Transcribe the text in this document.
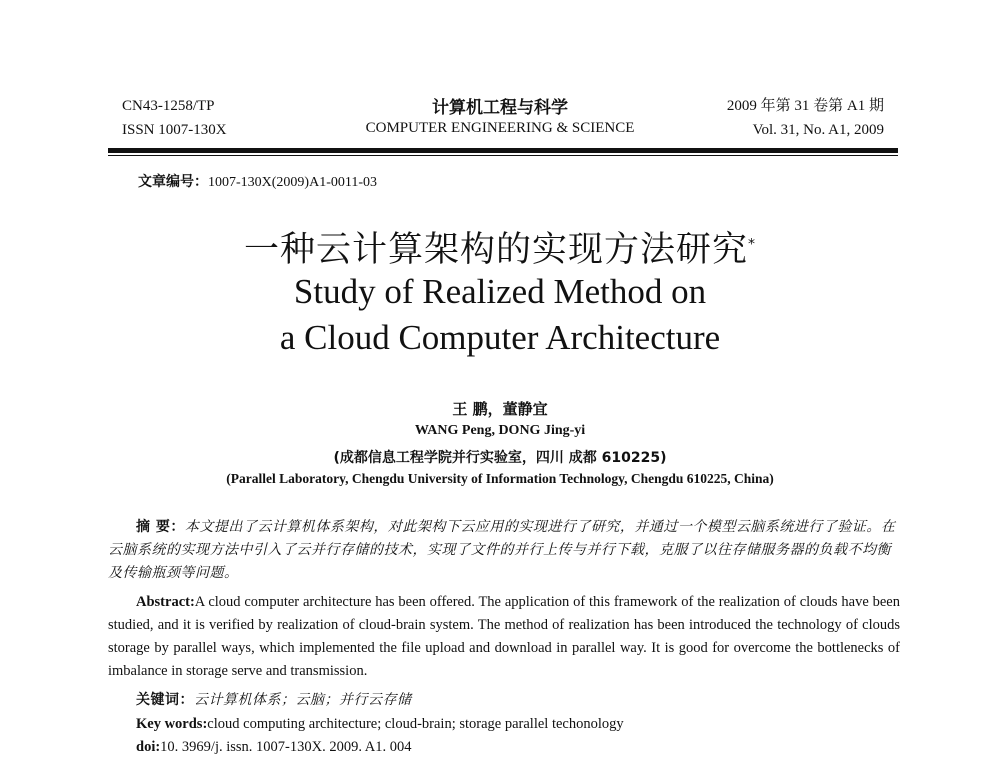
CN43-1258/TP
ISSN 1007-130X
计算机工程与科学
COMPUTER ENGINEERING & SCIENCE
2009 年第 31 卷第 A1 期
Vol. 31, No. A1, 2009
文章编号：1007-130X(2009)A1-0011-03
一种云计算架构的实现方法研究*
Study of Realized Method on
a Cloud Computer Architecture
王 鹏，董静宜
WANG Peng, DONG Jing-yi
(成都信息工程学院并行实验室，四川 成都 610225)
(Parallel Laboratory, Chengdu University of Information Technology, Chengdu 610225, China)
摘 要：本文提出了云计算机体系架构，对此架构下云应用的实现进行了研究，并通过一个模型云脑系统进行了验证。在云脑系统的实现方法中引入了云并行存储的技术，实现了文件的并行上传与并行下载，克服了以往存储服务器的负载不均衡及传输瓶颈等问题。
Abstract:A cloud computer architecture has been offered. The application of this framework of the realization of clouds have been studied, and it is verified by realization of cloud-brain system. The method of realization has been introduced the technology of clouds storage by parallel ways, which implemented the file upload and download in parallel way. It is good for overcome the bottlenecks of imbalance in storage serve and transmission.
关键词：云计算机体系；云脑；并行云存储
Key words:cloud computing architecture; cloud-brain; storage parallel techonology
doi:10. 3969/j. issn. 1007-130X. 2009. A1. 004
